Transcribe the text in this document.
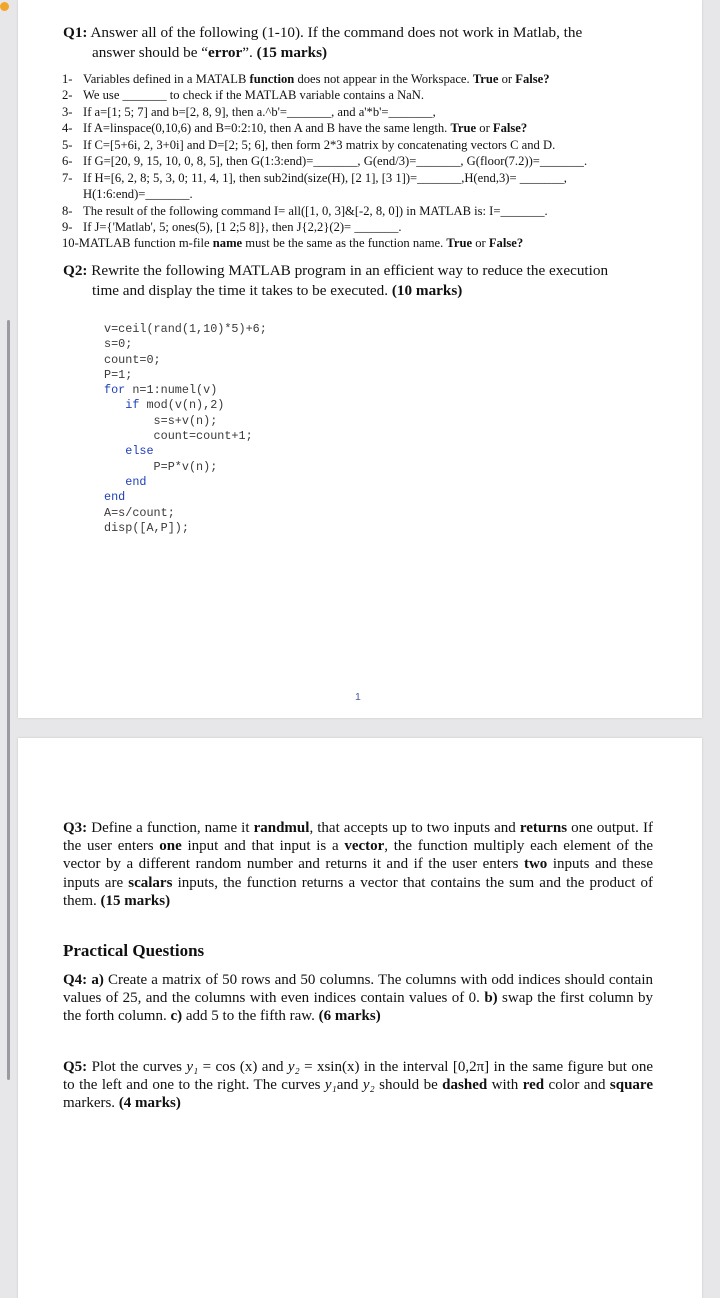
Q1: Answer all of the following (1-10). If the command does not work in Matlab, the
answer should be “error”. (15 marks)
1- Variables defined in a MATALB function does not appear in the Workspace. True or False?
2- We use _______ to check if the MATLAB variable contains a NaN.
3- If a=[1; 5; 7] and b=[2, 8, 9], then a.^b'=_______, and a'*b'=_______,
4- If A=linspace(0,10,6) and B=0:2:10, then A and B have the same length. True or False?
5- If C=[5+6i, 2, 3+0i] and D=[2; 5; 6], then form 2*3 matrix by concatenating vectors C and D.
6- If G=[20, 9, 15, 10, 0, 8, 5], then G(1:3:end)=_______, G(end/3)=_______, G(floor(7.2))=_______.
7- If H=[6, 2, 8; 5, 3, 0; 11, 4, 1], then sub2ind(size(H), [2 1], [3 1])=_______,H(end,3)= _______,
H(1:6:end)=_______.
8- The result of the following command I= all([1, 0, 3]&[-2, 8, 0]) in MATLAB is: I=_______.
9- If J={'Matlab', 5; ones(5), [1 2;5 8]}, then J{2,2}(2)= _______.
10-MATLAB function m-file name must be the same as the function name. True or False?
Q2: Rewrite the following MATLAB program in an efficient way to reduce the execution
time and display the time it takes to be executed. (10 marks)
v=ceil(rand(1,10)*5)+6;
s=0;
count=0;
P=1;
for n=1:numel(v)
if mod(v(n),2)
s=s+v(n);
count=count+1;
else
P=P*v(n);
end
end
A=s/count;
disp([A,P]);
1
Q3: Define a function, name it randmul, that accepts up to two inputs and returns one output. If the user enters one input and that input is a vector, the function multiply each element of the vector by a different random number and returns it and if the user enters two inputs and these inputs are scalars inputs, the function returns a vector that contains the sum and the product of them. (15 marks)
Practical Questions
Q4: a) Create a matrix of 50 rows and 50 columns. The columns with odd indices should contain values of 25, and the columns with even indices contain values of 0. b) swap the first column by the forth column. c) add 5 to the fifth raw. (6 marks)
Q5: Plot the curves y₁ = cos (x) and y₂ = xsin(x) in the interval [0,2π] in the same figure but one to the left and one to the right. The curves y₁and y₂ should be dashed with red color and square markers. (4 marks)
